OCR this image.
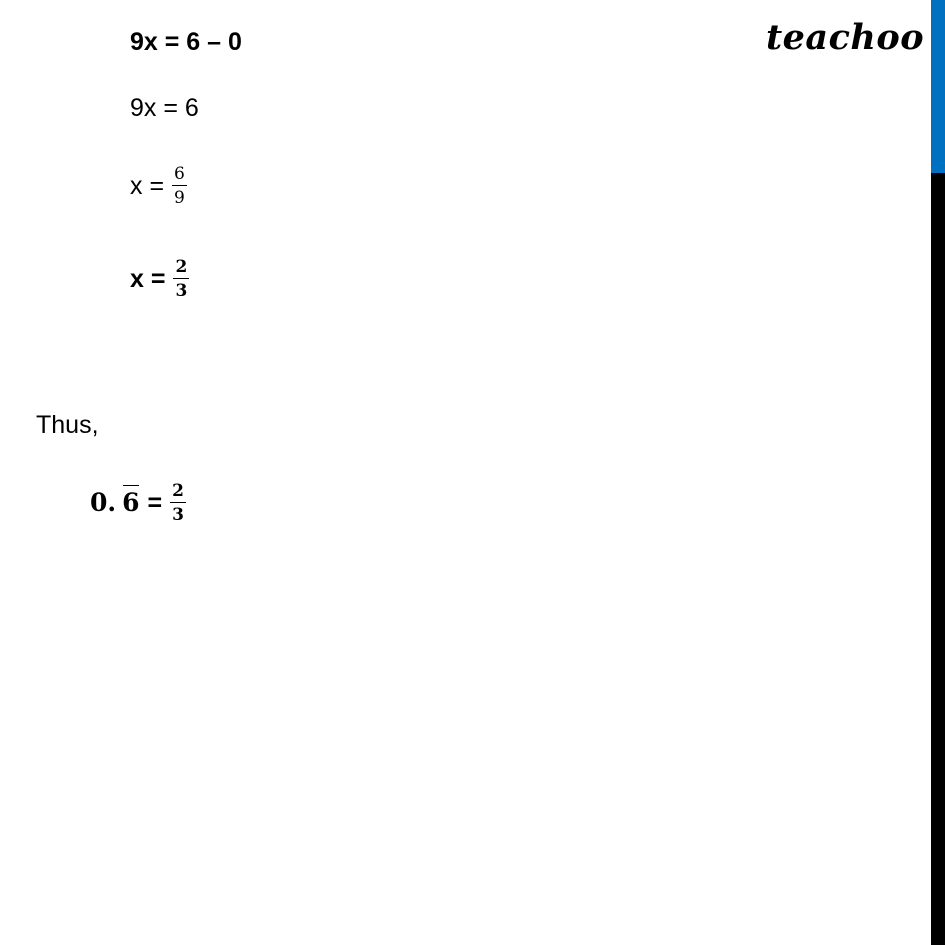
teachoo
9x = 6 – 0
9x = 6
$x = \frac{6}{9}$
$x = \frac{2}{3}$
Thus,
0. $6 = \frac{2}{3}$
